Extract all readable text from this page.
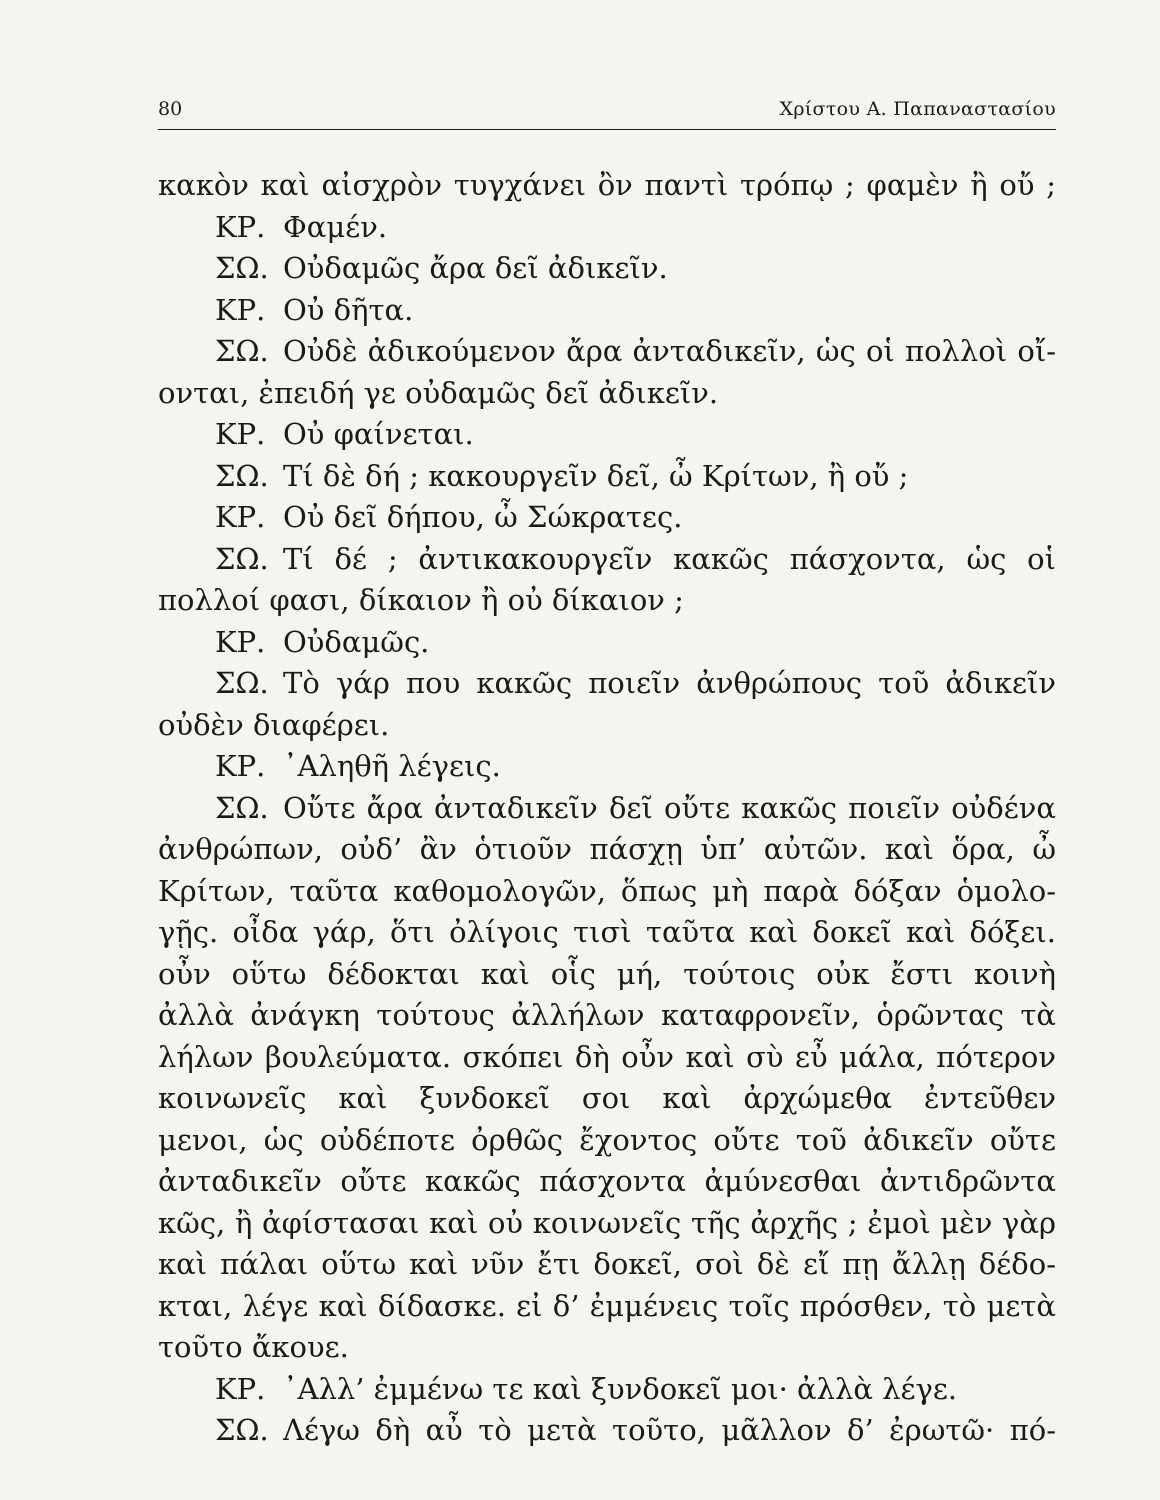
80	Χρίστου Α. Παπαναστασίου
κακὸν καὶ αἰσχρὸν τυγχάνει ὂν παντὶ τρόπῳ ; φαμὲν ἢ οὔ ;
ΚΡ. Φαμέν.
ΣΩ. Οὐδαμῶς ἄρα δεῖ ἀδικεῖν.
ΚΡ. Οὐ δῆτα.
ΣΩ. Οὐδὲ ἀδικούμενον ἄρα ἀνταδικεῖν, ὡς οἱ πολλοὶ οἴ-
ονται, ἐπειδή γε οὐδαμῶς δεῖ ἀδικεῖν.
ΚΡ. Οὐ φαίνεται.
ΣΩ. Τί δὲ δή ; κακουργεῖν δεῖ, ὦ Κρίτων, ἢ οὔ ;
ΚΡ. Οὐ δεῖ δήπου, ὦ Σώκρατες.
ΣΩ. Τί δέ ; ἀντικακουργεῖν κακῶς πάσχοντα, ὡς οἱ
πολλοί φασι, δίκαιον ἢ οὐ δίκαιον ;
ΚΡ. Οὐδαμῶς.
ΣΩ. Τὸ γάρ που κακῶς ποιεῖν ἀνθρώπους τοῦ ἀδικεῖν
οὐδὲν διαφέρει.
ΚΡ. ᾿Αληθῆ λέγεις.
ΣΩ. Οὔτε ἄρα ἀνταδικεῖν δεῖ οὔτε κακῶς ποιεῖν οὐδένα
ἀνθρώπων, οὐδ’ ἂν ὁτιοῦν πάσχῃ ὑπ’ αὐτῶν. καὶ ὅρα, ὦ
Κρίτων, ταῦτα καθομολογῶν, ὅπως μὴ παρὰ δόξαν ὁμολο-
γῇς. οἶδα γάρ, ὅτι ὀλίγοις τισὶ ταῦτα καὶ δοκεῖ καὶ δόξει.
οὖν οὕτω δέδοκται καὶ οἷς μή, τούτοις οὐκ ἔστι κοινὴ
ἀλλὰ ἀνάγκη τούτους ἀλλήλων καταφρονεῖν, ὁρῶντας τὰ
λήλων βουλεύματα. σκόπει δὴ οὖν καὶ σὺ εὖ μάλα, πότερον
κοινωνεῖς καὶ ξυνδοκεῖ σοι καὶ ἀρχώμεθα ἐντεῦθεν
μενοι, ὡς οὐδέποτε ὀρθῶς ἔχοντος οὔτε τοῦ ἀδικεῖν οὔτε
ἀνταδικεῖν οὔτε κακῶς πάσχοντα ἀμύνεσθαι ἀντιδρῶντα
κῶς, ἢ ἀφίστασαι καὶ οὐ κοινωνεῖς τῆς ἀρχῆς ; ἐμοὶ μὲν γὰρ
καὶ πάλαι οὕτω καὶ νῦν ἔτι δοκεῖ, σοὶ δὲ εἴ πῃ ἄλλῃ δέδο-
κται, λέγε καὶ δίδασκε. εἰ δ’ ἐμμένεις τοῖς πρόσθεν, τὸ μετὰ
τοῦτο ἄκουε.
ΚΡ. ᾿Αλλ’ ἐμμένω τε καὶ ξυνδοκεῖ μοι· ἀλλὰ λέγε.
ΣΩ. Λέγω δὴ αὖ τὸ μετὰ τοῦτο, μᾶλλον δ’ ἐρωτῶ· πό-
